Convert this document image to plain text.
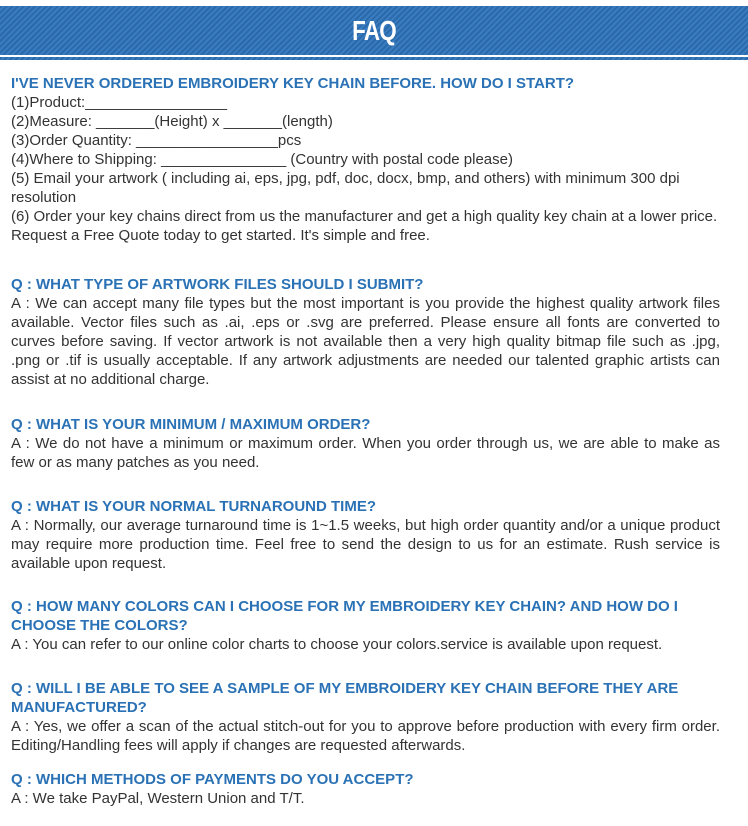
FAQ

I'VE NEVER ORDERED EMBROIDERY KEY CHAIN BEFORE. HOW DO I START?

(1)Product:_________________

(2)Measure: _______(Height) x _______(length)

(3)Order Quantity: _________________pcs

(4)Where to Shipping: _______________ (Country with postal code please)

(5) Email your artwork ( including ai, eps, jpg, pdf, doc, docx, bmp, and others) with minimum 300 dpi resolution

(6) Order your key chains direct from us the manufacturer and get a high quality key chain at a lower price. Request a Free Quote today to get started. It's simple and free.

Q : WHAT TYPE OF ARTWORK FILES SHOULD I SUBMIT?

A : We can accept many file types but the most important is you provide the highest quality artwork files available. Vector files such as .ai, .eps or .svg are preferred. Please ensure all fonts are converted to curves before saving. If vector artwork is not available then a very high quality bitmap file such as .jpg, .png or .tif is usually acceptable. If any artwork adjustments are needed our talented graphic artists can assist at no additional charge.

Q : WHAT IS YOUR MINIMUM / MAXIMUM ORDER?

A : We do not have a minimum or maximum order. When you order through us, we are able to make as few or as many patches as you need.

Q : WHAT IS YOUR NORMAL TURNAROUND TIME?

A : Normally, our average turnaround time is 1~1.5 weeks, but high order quantity and/or a unique product may require more production time. Feel free to send the design to us for an estimate. Rush service is available upon request.

Q : HOW MANY COLORS CAN I CHOOSE FOR MY EMBROIDERY KEY CHAIN? AND HOW DO I CHOOSE THE COLORS?

A : You can refer to our online color charts to choose your colors.service is available upon request.

Q : WILL I BE ABLE TO SEE A SAMPLE OF MY EMBROIDERY KEY CHAIN BEFORE THEY ARE MANUFACTURED?

A : Yes, we offer a scan of the actual stitch-out for you to approve before production with every firm order. Editing/Handling fees will apply if changes are requested afterwards.

Q : WHICH METHODS OF PAYMENTS DO YOU ACCEPT?

A : We take PayPal, Western Union and T/T.
